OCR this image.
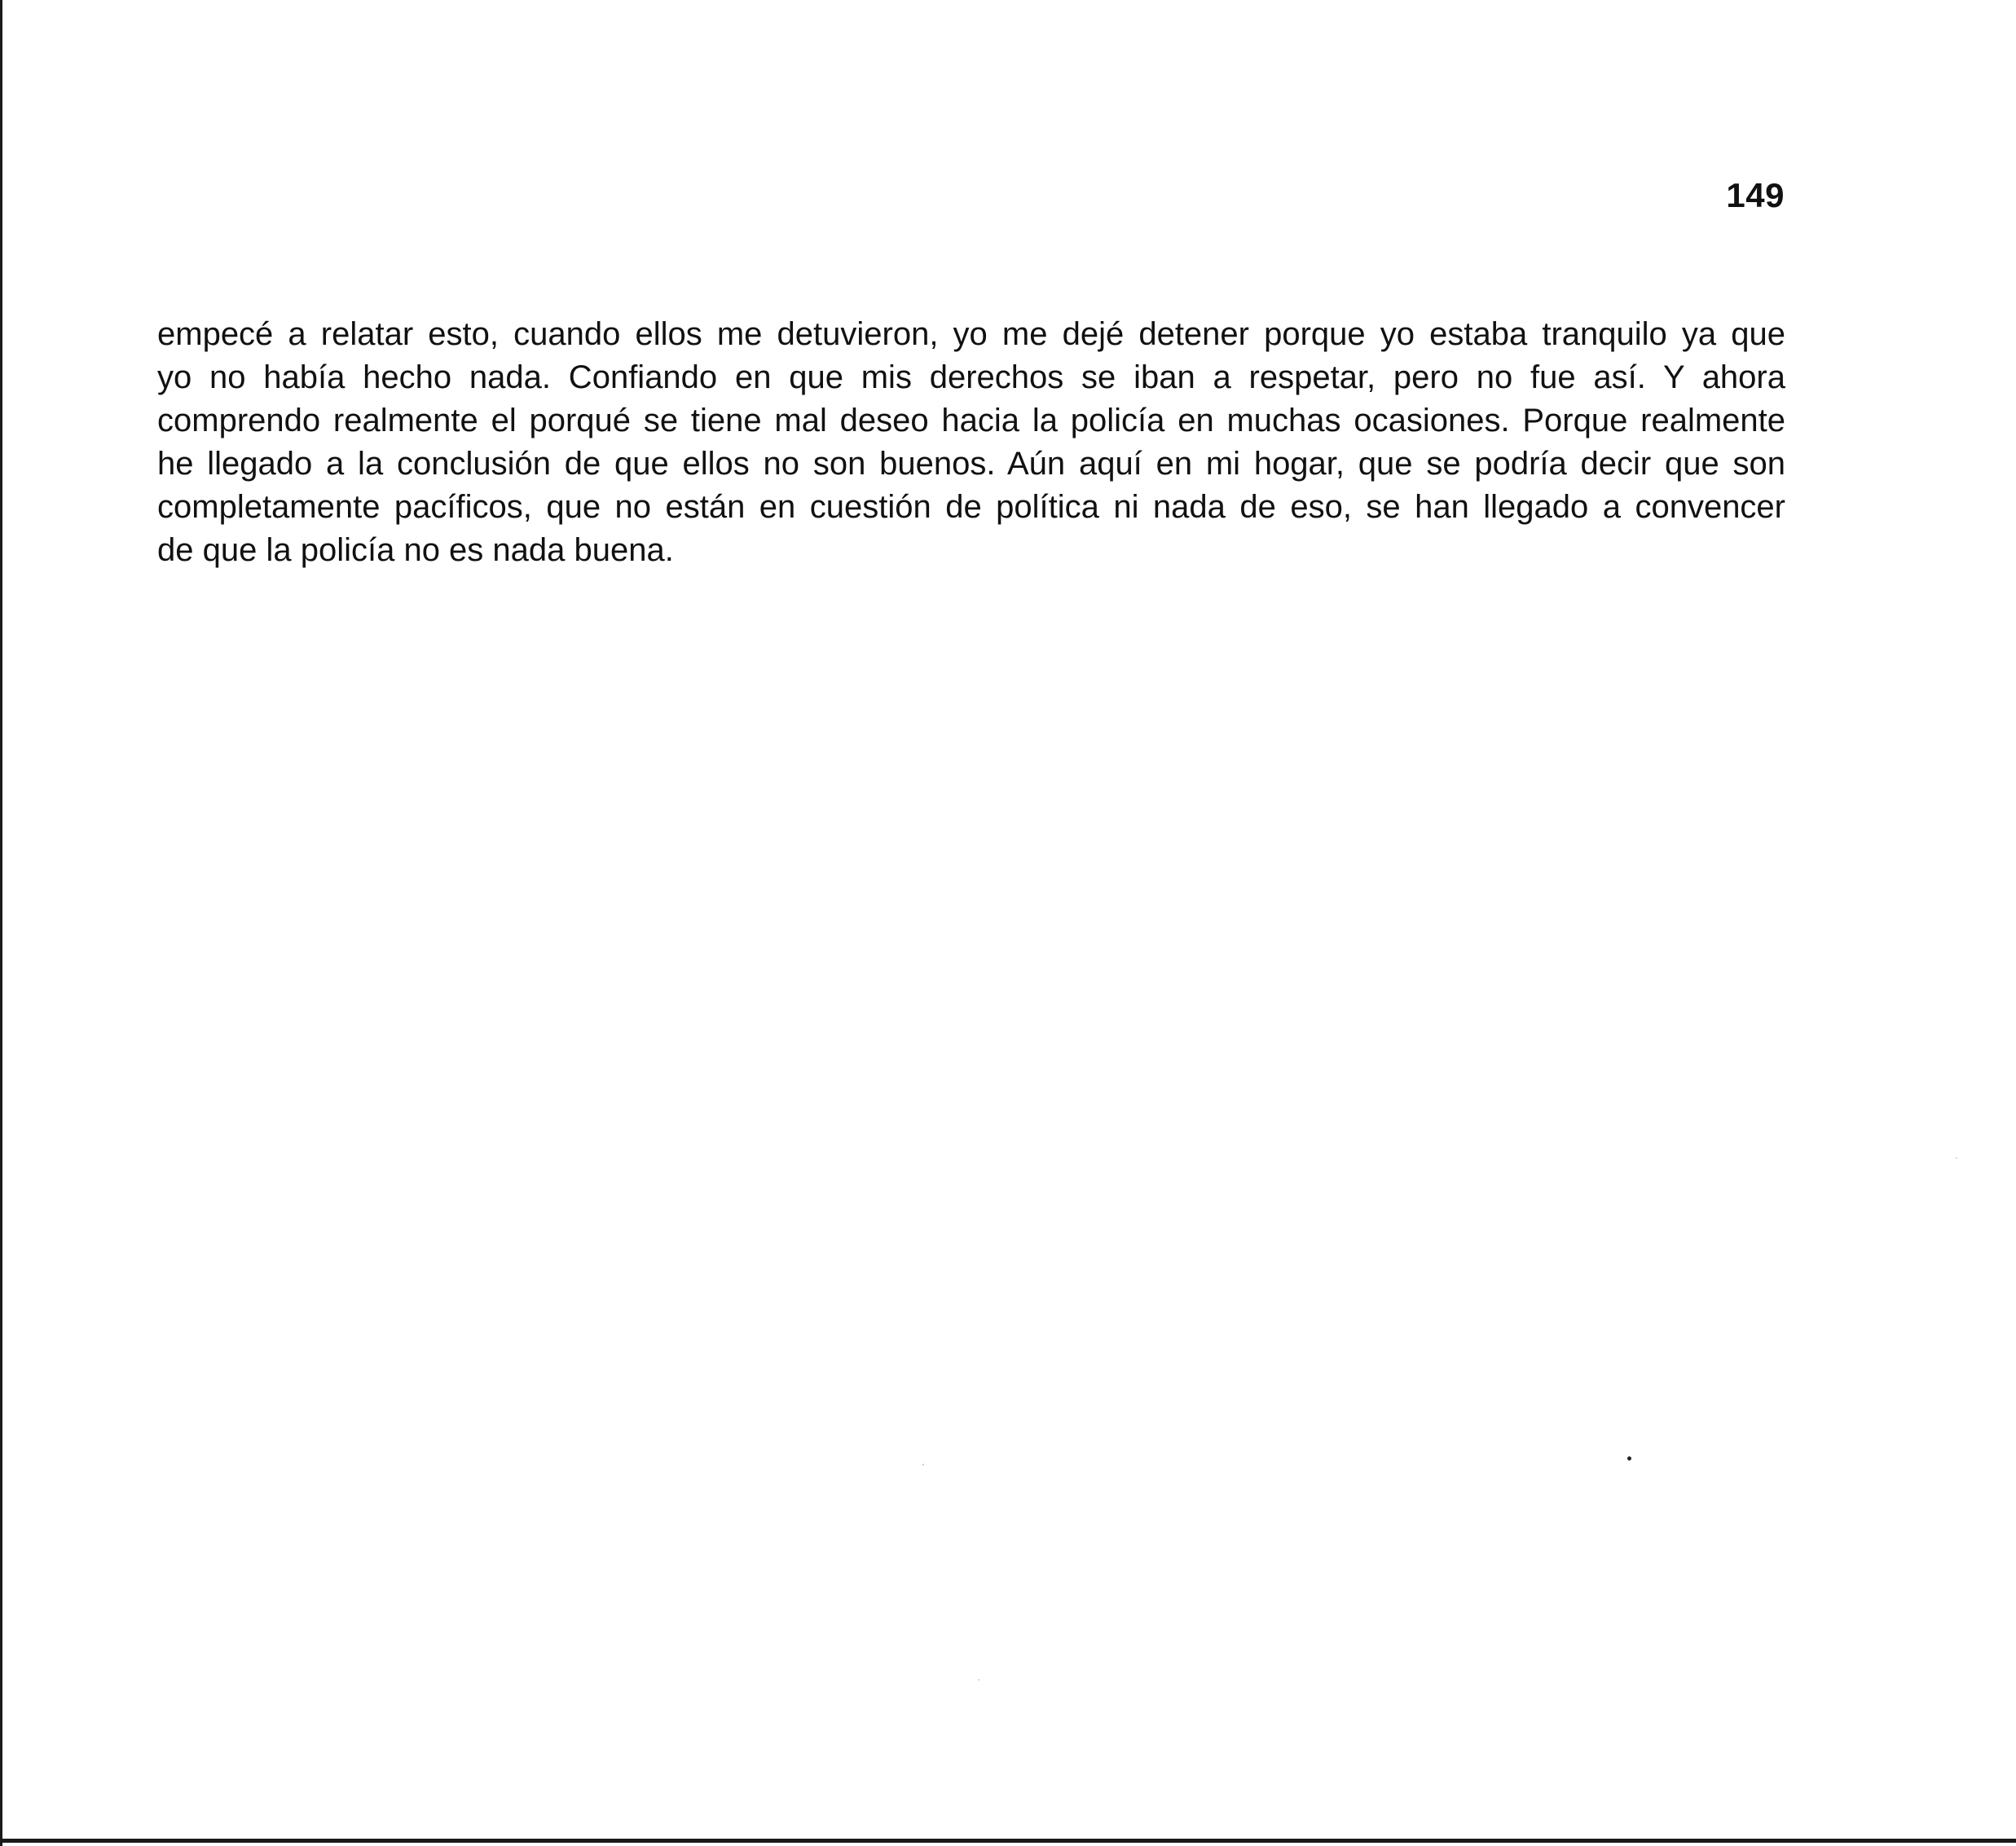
149

empecé a relatar esto, cuando ellos me detuvieron, yo me dejé detener porque yo estaba tranquilo ya que
yo no había hecho nada. Confiando en que mis derechos se iban a respetar, pero no fue así. Y ahora
comprendo realmente el porqué se tiene mal deseo hacia la policía en muchas ocasiones. Porque realmente
he llegado a la conclusión de que ellos no son buenos. Aún aquí en mi hogar, que se podría decir que son
completamente pacíficos, que no están en cuestión de política ni nada de eso, se han llegado a convencer
de que la policía no es nada buena.
